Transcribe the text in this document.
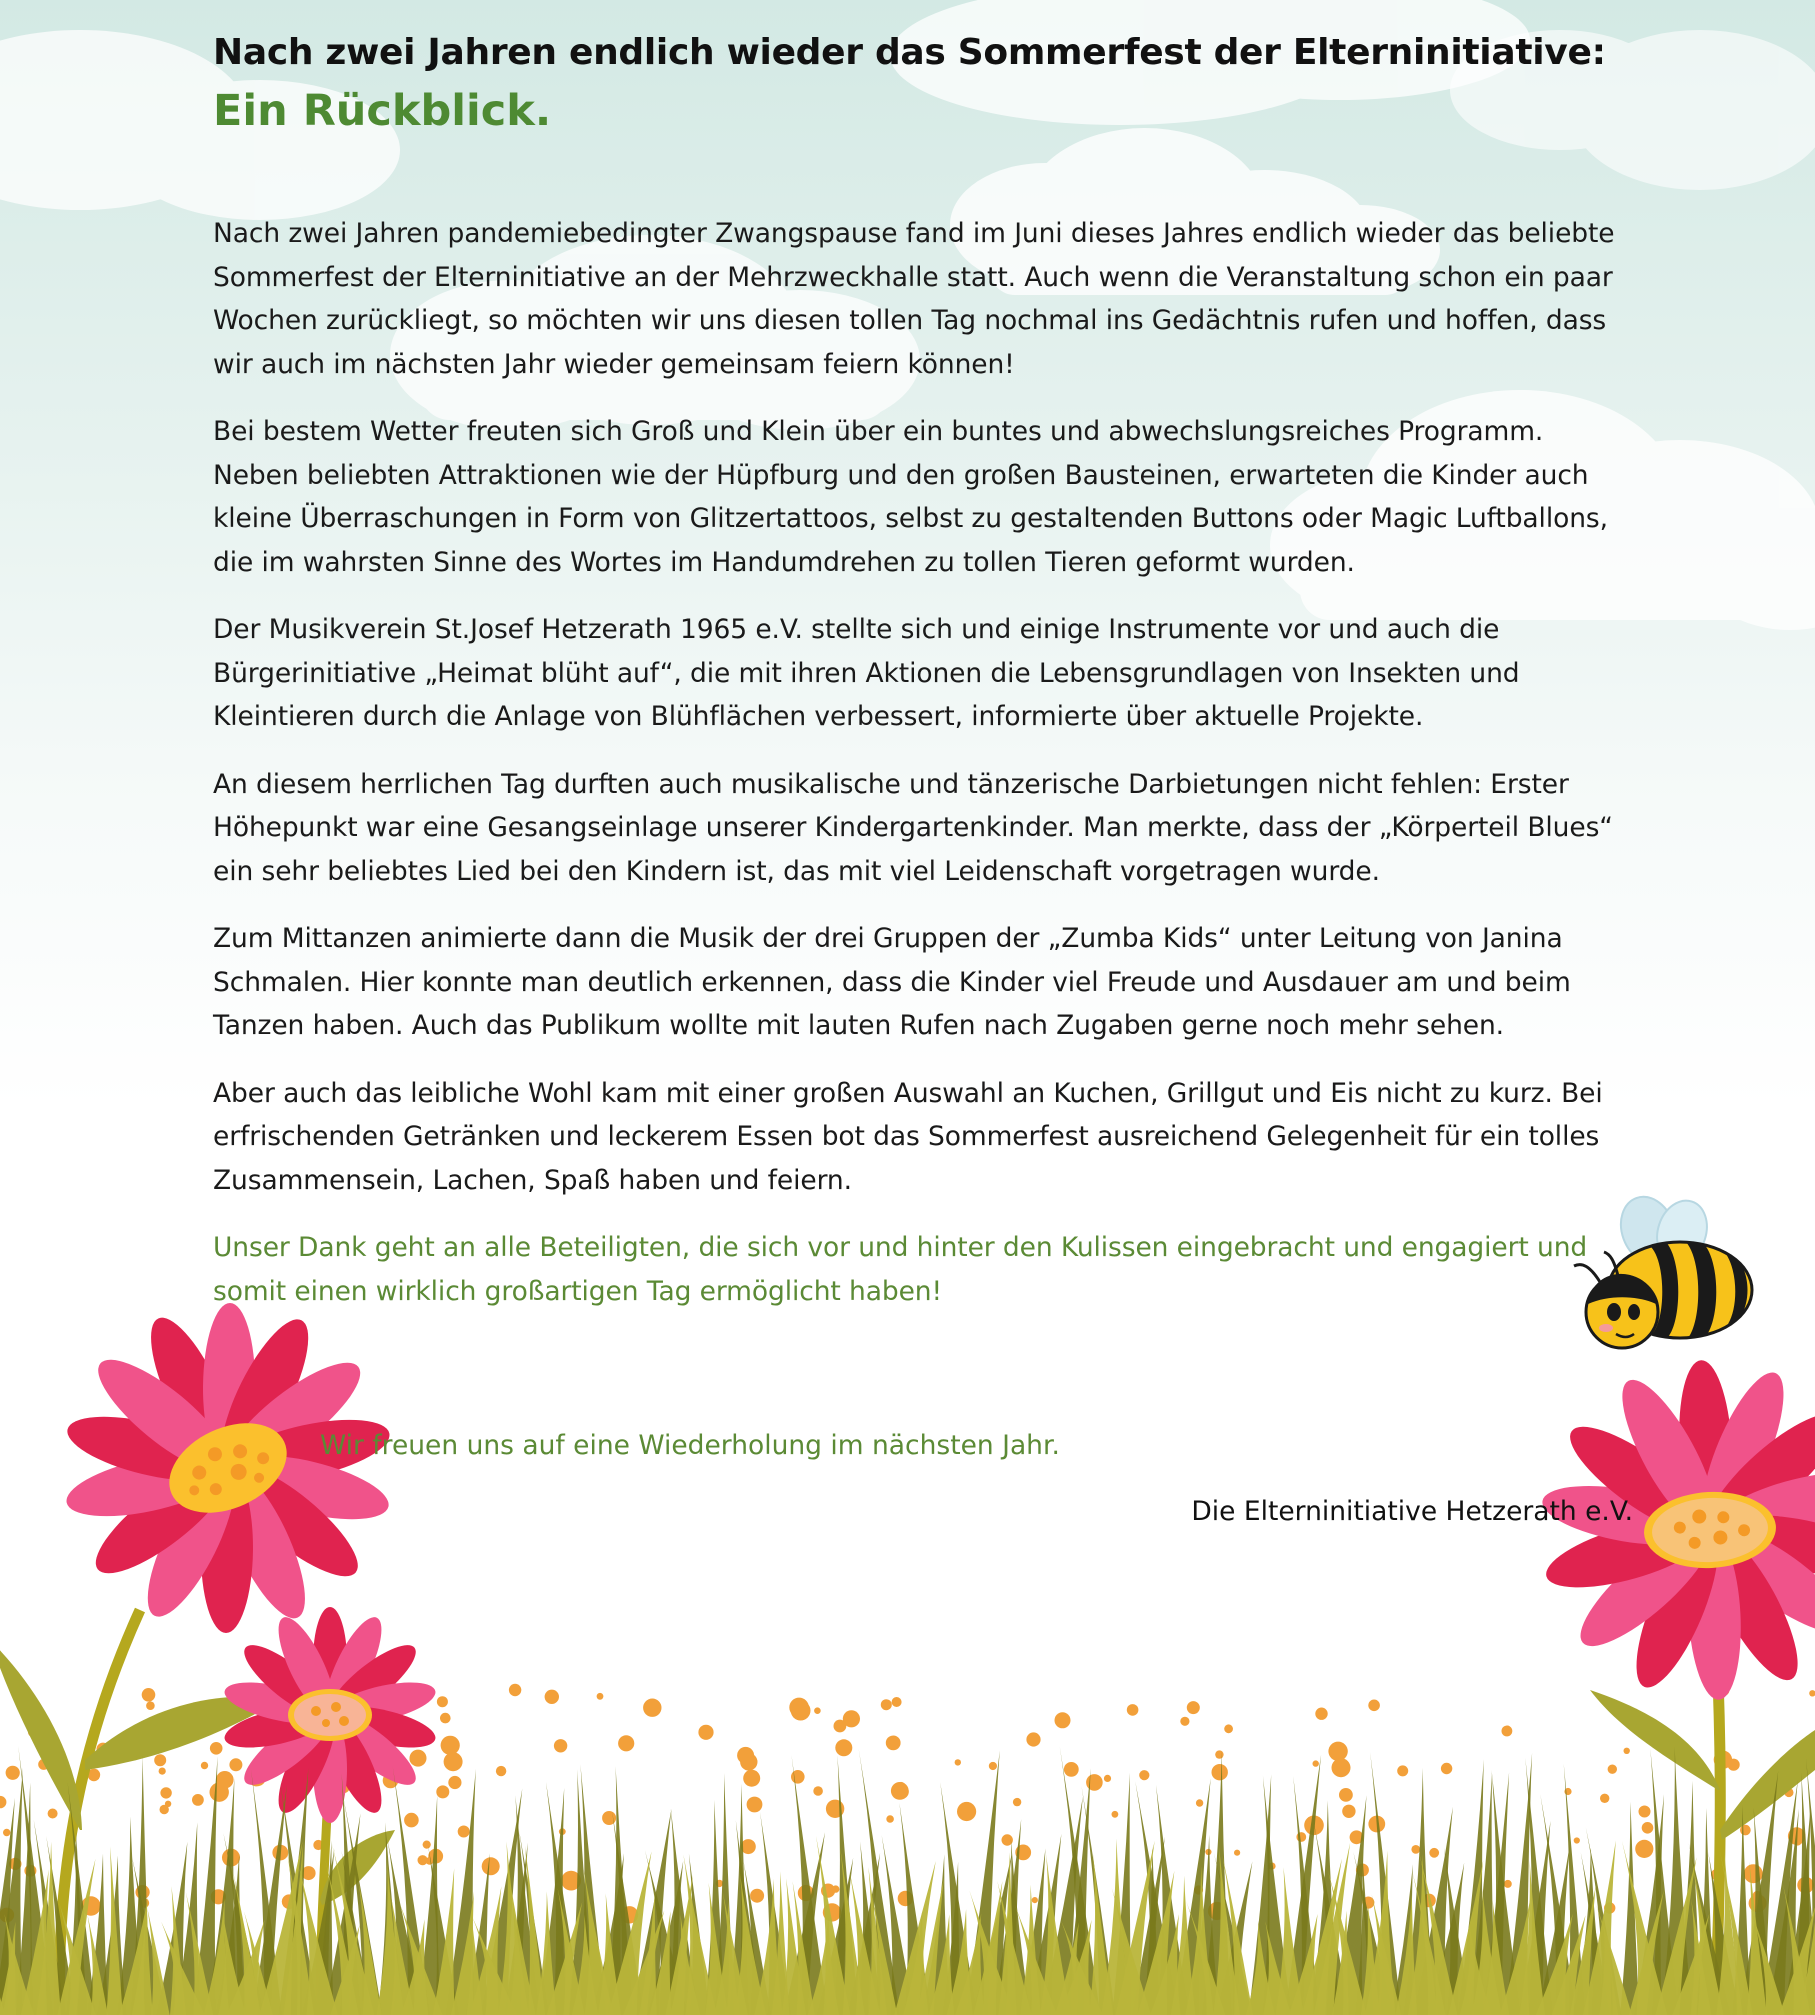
Nach zwei Jahren endlich wieder das Sommerfest der Elterninitiative:
Ein Rückblick.

Nach zwei Jahren pandemiebedingter Zwangspause fand im Juni dieses Jahres endlich wieder das beliebte Sommerfest der Elterninitiative an der Mehrzweckhalle statt. Auch wenn die Veranstaltung schon ein paar Wochen zurückliegt, so möchten wir uns diesen tollen Tag nochmal ins Gedächtnis rufen und hoffen, dass wir auch im nächsten Jahr wieder gemeinsam feiern können!

Bei bestem Wetter freuten sich Groß und Klein über ein buntes und abwechslungsreiches Programm. Neben beliebten Attraktionen wie der Hüpfburg und den großen Bausteinen, erwarteten die Kinder auch kleine Überraschungen in Form von Glitzertattoos, selbst zu gestaltenden Buttons oder Magic Luftballons, die im wahrsten Sinne des Wortes im Handumdrehen zu tollen Tieren geformt wurden.

Der Musikverein St.Josef Hetzerath 1965 e.V. stellte sich und einige Instrumente vor und auch die Bürgerinitiative „Heimat blüht auf“, die mit ihren Aktionen die Lebensgrundlagen von Insekten und Kleintieren durch die Anlage von Blühflächen verbessert, informierte über aktuelle Projekte.

An diesem herrlichen Tag durften auch musikalische und tänzerische Darbietungen nicht fehlen: Erster Höhepunkt war eine Gesangseinlage unserer Kindergartenkinder. Man merkte, dass der „Körperteil Blues“ ein sehr beliebtes Lied bei den Kindern ist, das mit viel Leidenschaft vorgetragen wurde.

Zum Mittanzen animierte dann die Musik der drei Gruppen der „Zumba Kids“ unter Leitung von Janina Schmalen. Hier konnte man deutlich erkennen, dass die Kinder viel Freude und Ausdauer am und beim Tanzen haben. Auch das Publikum wollte mit lauten Rufen nach Zugaben gerne noch mehr sehen.

Aber auch das leibliche Wohl kam mit einer großen Auswahl an Kuchen, Grillgut und Eis nicht zu kurz. Bei erfrischenden Getränken und leckerem Essen bot das Sommerfest ausreichend Gelegenheit für ein tolles Zusammensein, Lachen, Spaß haben und feiern.

Unser Dank geht an alle Beteiligten, die sich vor und hinter den Kulissen eingebracht und engagiert und somit einen wirklich großartigen Tag ermöglicht haben!

Wir freuen uns auf eine Wiederholung im nächsten Jahr.

Die Elterninitiative Hetzerath e.V.
